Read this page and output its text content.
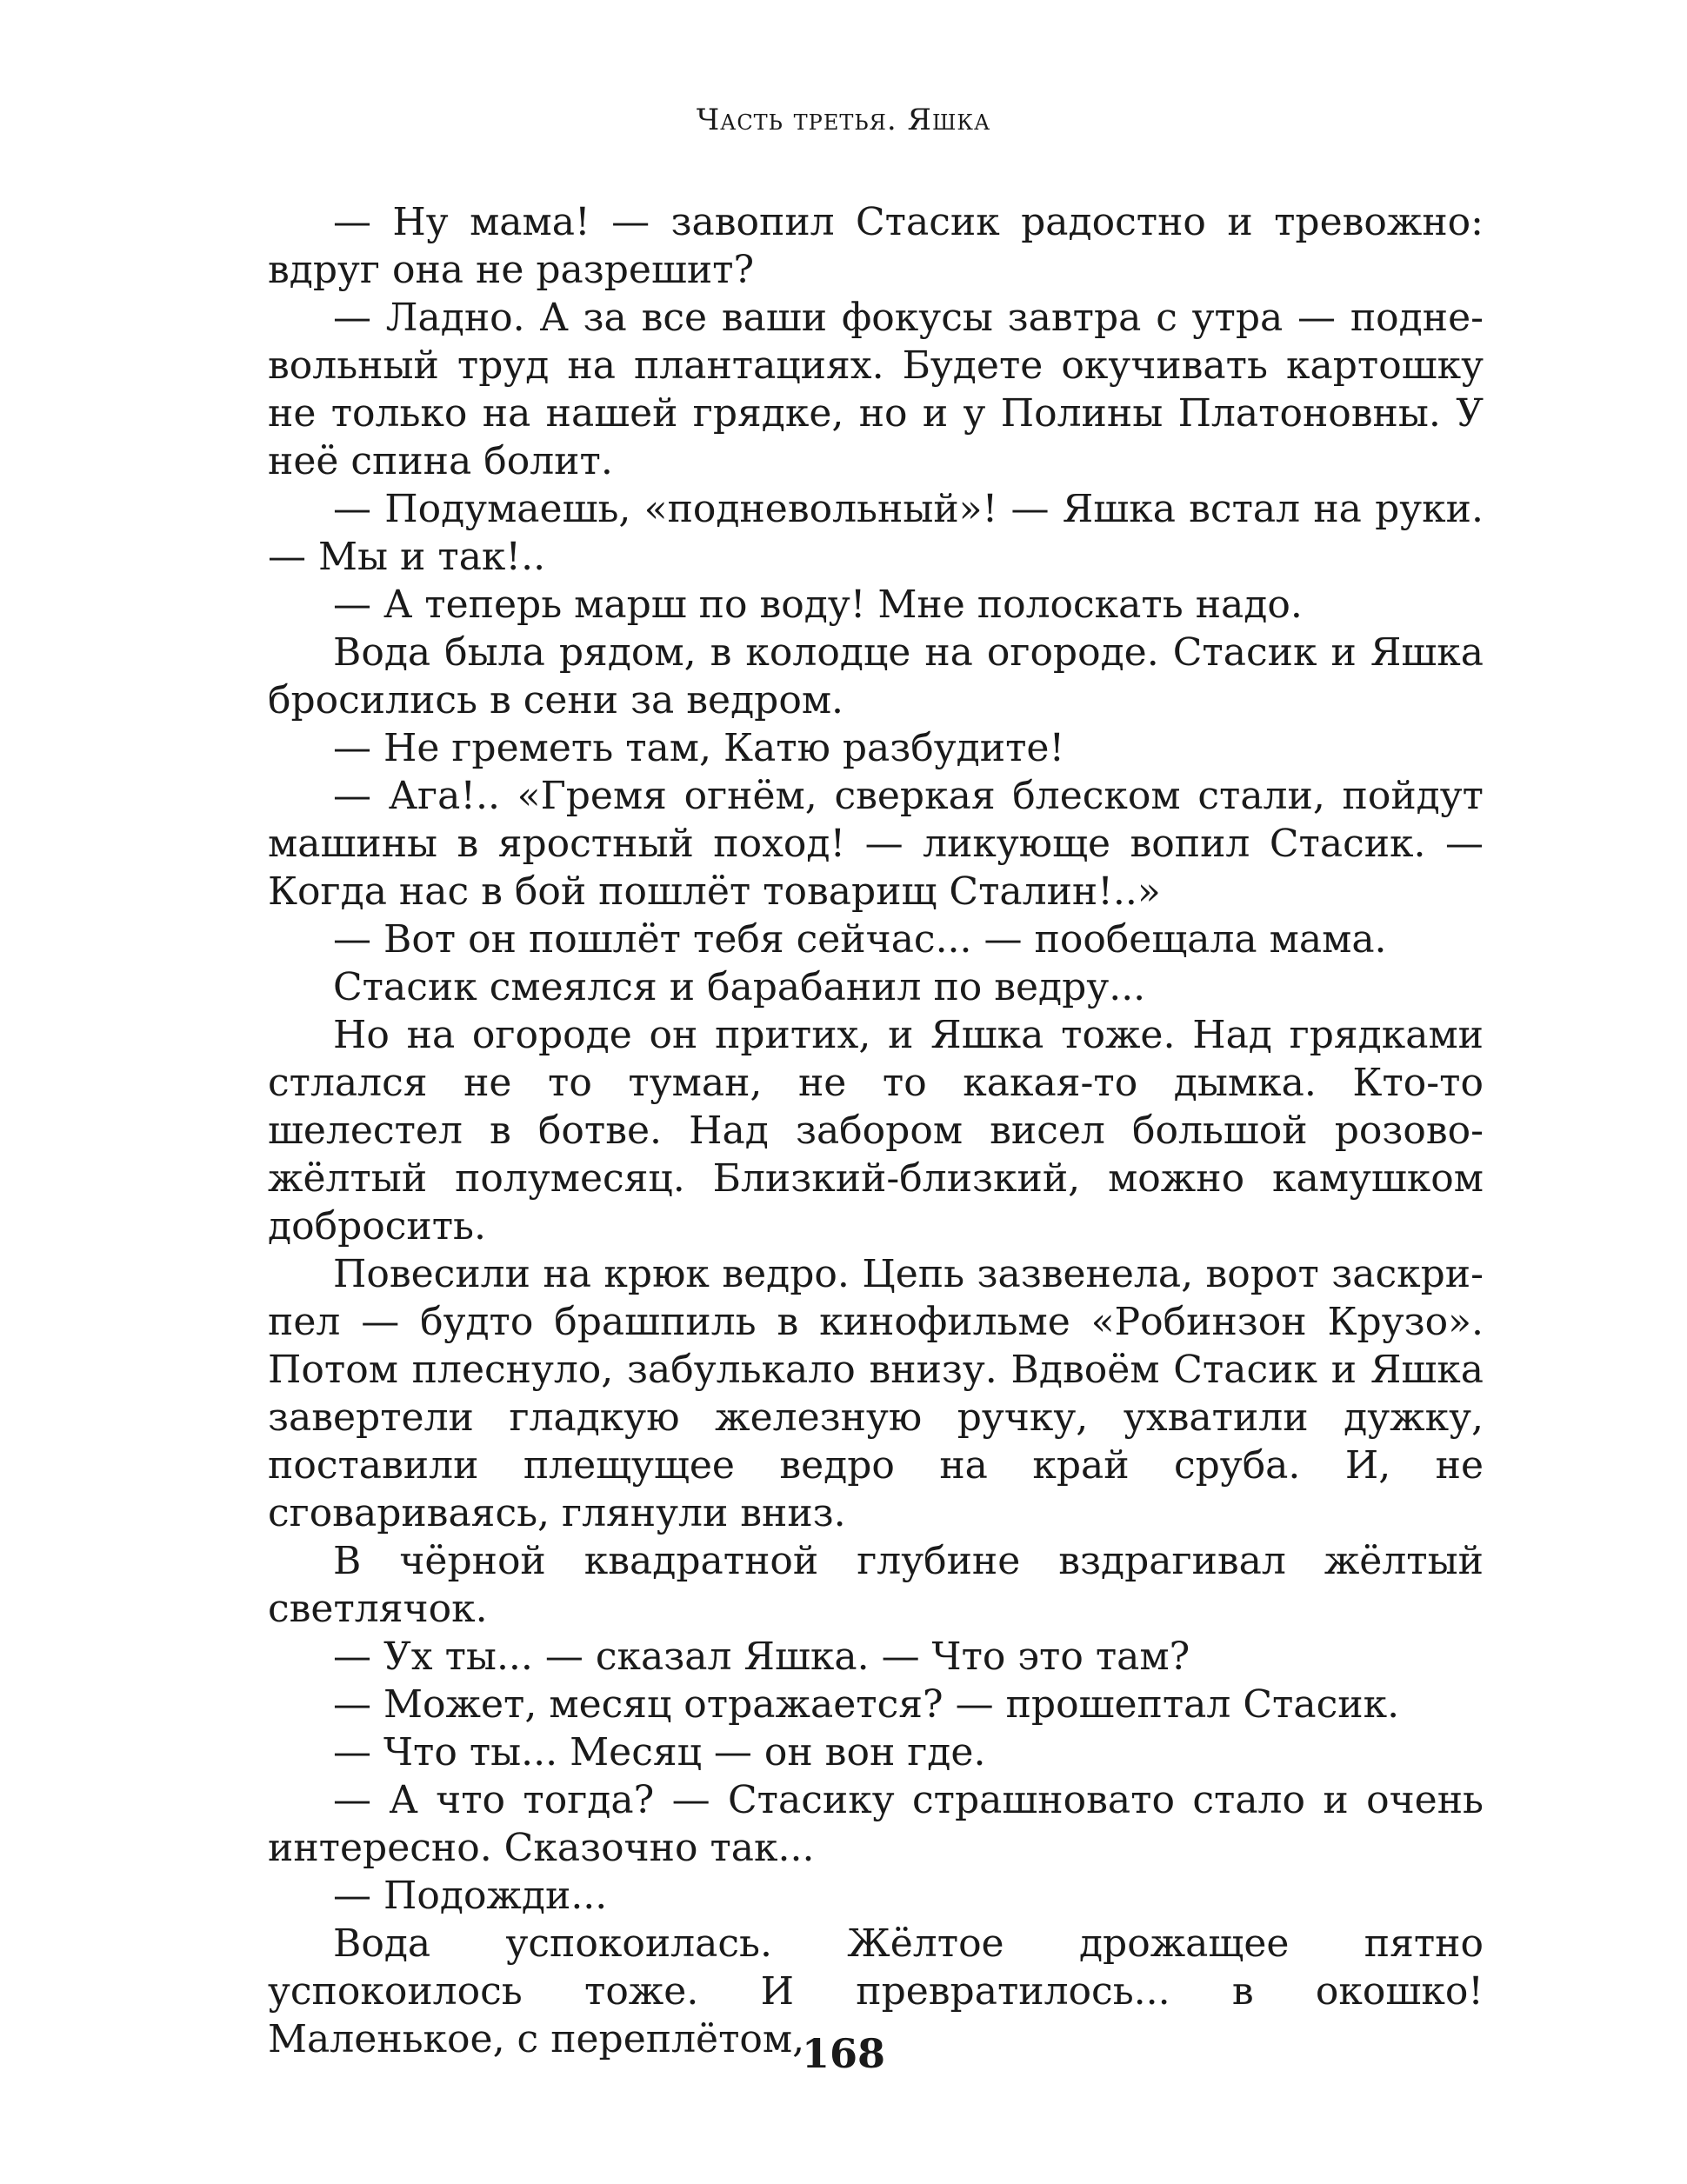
Часть третья. Яшка

— Ну мама! — завопил Стасик радостно и тревожно: вдруг она не разрешит?

— Ладно. А за все ваши фокусы завтра с утра — подневольный труд на плантациях. Будете окучивать картошку не только на нашей грядке, но и у Полины Платоновны. У неё спина болит.

— Подумаешь, «подневольный»! — Яшка встал на руки. — Мы и так!..

— А теперь марш по воду! Мне полоскать надо.

Вода была рядом, в колодце на огороде. Стасик и Яшка бросились в сени за ведром.

— Не греметь там, Катю разбудите!

— Ага!.. «Гремя огнём, сверкая блеском стали, пойдут машины в яростный поход! — ликующе вопил Стасик. — Когда нас в бой пошлёт товарищ Сталин!..»

— Вот он пошлёт тебя сейчас... — пообещала мама.

Стасик смеялся и барабанил по ведру...

Но на огороде он притих, и Яшка тоже. Над грядками стлался не то туман, не то какая-то дымка. Кто-то шелестел в ботве. Над забором висел большой розово-жёлтый полумесяц. Близкий-близкий, можно камушком добросить.

Повесили на крюк ведро. Цепь зазвенела, ворот заскрипел — будто брашпиль в кинофильме «Робинзон Крузо». Потом плеснуло, забулькало внизу. Вдвоём Стасик и Яшка завертели гладкую железную ручку, ухватили дужку, поставили плещущее ведро на край сруба. И, не сговариваясь, глянули вниз.

В чёрной квадратной глубине вздрагивал жёлтый светлячок.

— Ух ты... — сказал Яшка. — Что это там?

— Может, месяц отражается? — прошептал Стасик.

— Что ты... Месяц — он вон где.

— А что тогда? — Стасику страшновато стало и очень интересно. Сказочно так...

— Подожди...

Вода успокоилась. Жёлтое дрожащее пятно успокоилось тоже. И превратилось... в окошко! Маленькое, с переплётом,

168
